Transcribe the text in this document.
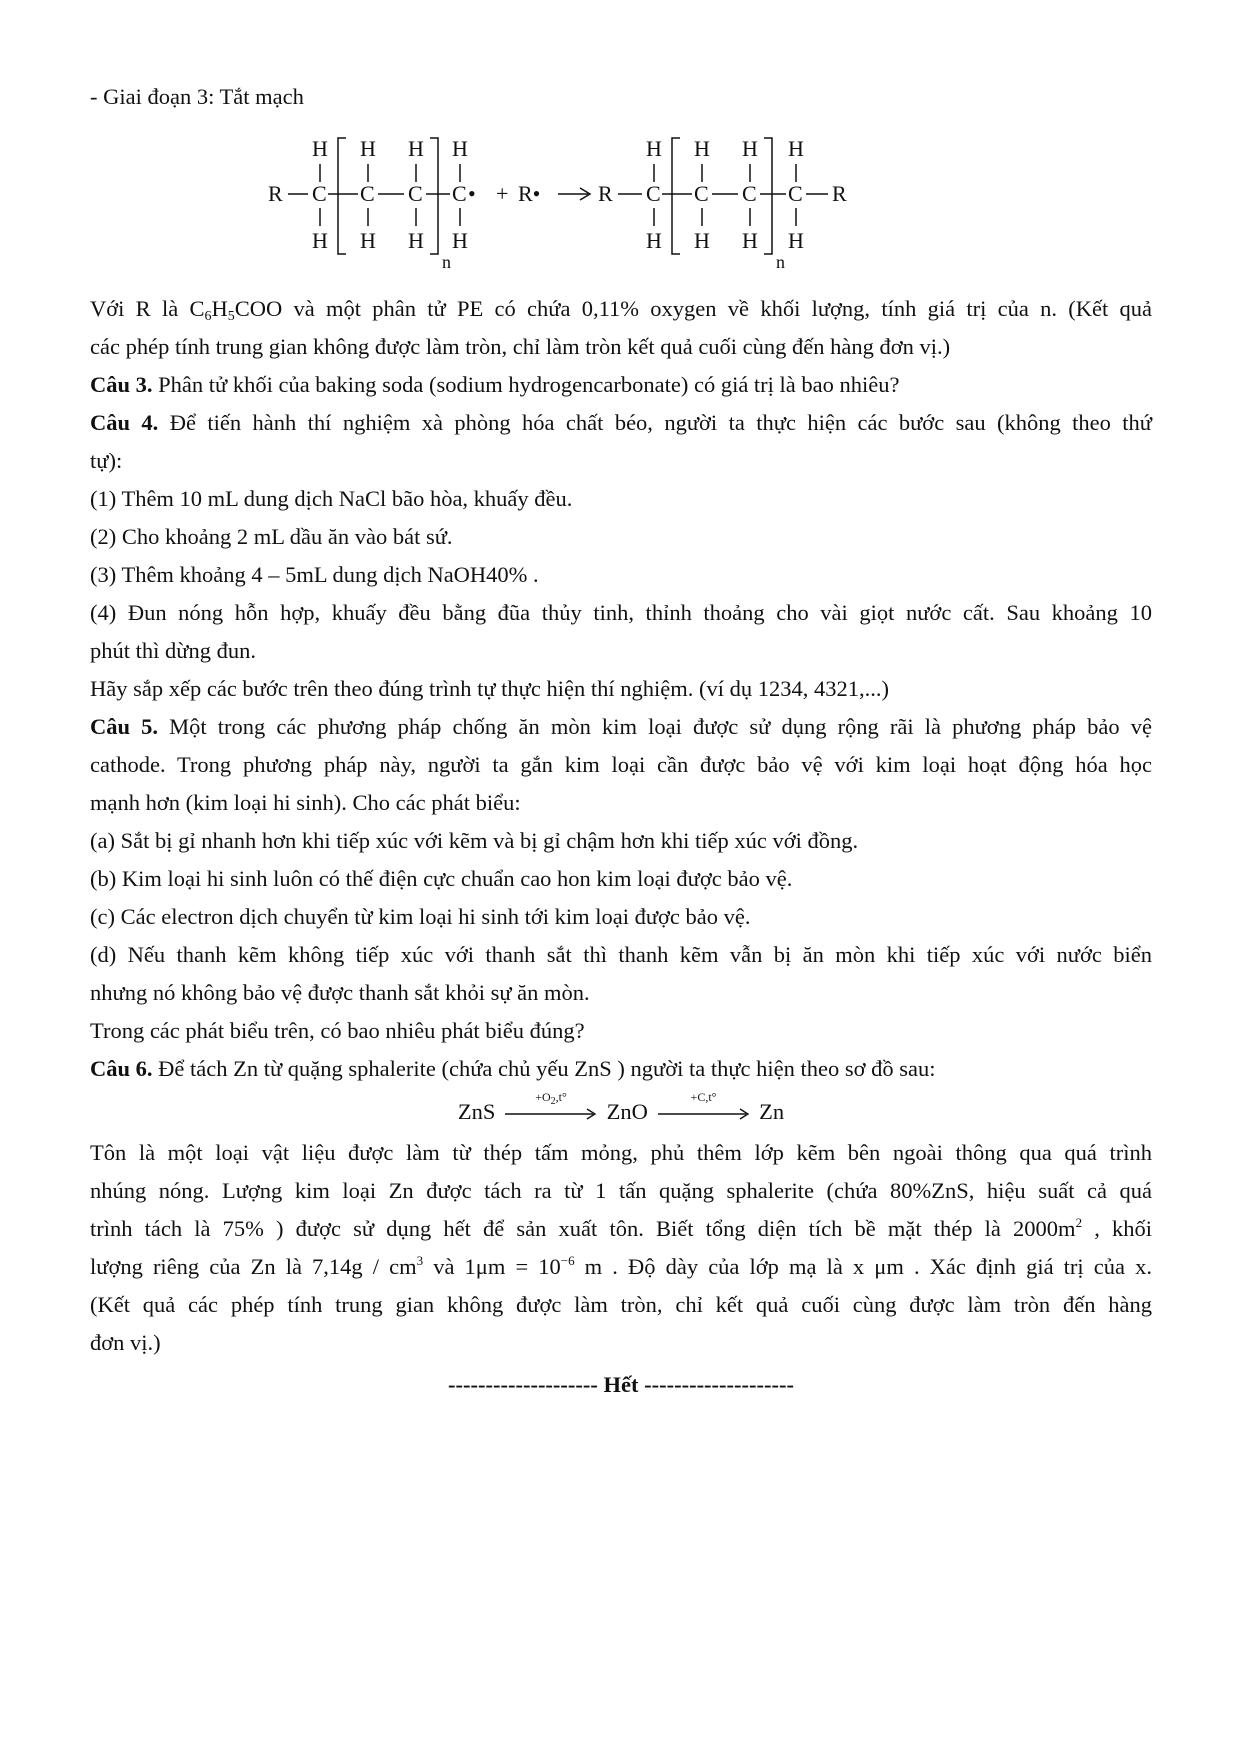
- Giai đoạn 3: Tắt mạch

R C
H
H
C
H
H
C
H
H
n
C
H
H
• + R•	R C
H
H
C
H
H
C
H
H
n
C
H
H
R

Với R là $C_6H_5COO$ và một phân tử PE có chứa 0,11% oxygen về khối lượng, tính giá trị của n. (Kết quả

các phép tính trung gian không được làm tròn, chỉ làm tròn kết quả cuối cùng đến hàng đơn vị.)

Câu 3. Phân tử khối của baking soda (sodium hydrogencarbonate) có giá trị là bao nhiêu?

Câu 4. Để tiến hành thí nghiệm xà phòng hóa chất béo, người ta thực hiện các bước sau (không theo thứ

tự):

(1) Thêm 10 mL dung dịch NaCl bão hòa, khuấy đều.

(2) Cho khoảng 2 mL dầu ăn vào bát sứ.

(3) Thêm khoảng 4 – 5mL dung dịch NaOH40% .

(4) Đun nóng hỗn hợp, khuấy đều bằng đũa thủy tinh, thỉnh thoảng cho vài giọt nước cất. Sau khoảng 10

phút thì dừng đun.

Hãy sắp xếp các bước trên theo đúng trình tự thực hiện thí nghiệm. (ví dụ 1234, 4321,...)

Câu 5. Một trong các phương pháp chống ăn mòn kim loại được sử dụng rộng rãi là phương pháp bảo vệ

cathode. Trong phương pháp này, người ta gắn kim loại cần được bảo vệ với kim loại hoạt động hóa học

mạnh hơn (kim loại hi sinh). Cho các phát biểu:

(a) Sắt bị gỉ nhanh hơn khi tiếp xúc với kẽm và bị gỉ chậm hơn khi tiếp xúc với đồng.

(b) Kim loại hi sinh luôn có thế điện cực chuẩn cao hon kim loại được bảo vệ.

(c) Các electron dịch chuyển từ kim loại hi sinh tới kim loại được bảo vệ.

(d) Nếu thanh kẽm không tiếp xúc với thanh sắt thì thanh kẽm vẫn bị ăn mòn khi tiếp xúc với nước biển

nhưng nó không bảo vệ được thanh sắt khỏi sự ăn mòn.

Trong các phát biểu trên, có bao nhiêu phát biểu đúng?

Câu 6. Để tách Zn từ quặng sphalerite (chứa chủ yếu ZnS ) người ta thực hiện theo sơ đồ sau:

ZnS
$+O_2,t^\circ$
ZnO
+C,t°
Zn

Tôn là một loại vật liệu được làm từ thép tấm mỏng, phủ thêm lớp kẽm bên ngoài thông qua quá trình

nhúng nóng. Lượng kim loại Zn được tách ra từ 1 tấn quặng sphalerite (chứa 80%ZnS, hiệu suất cả quá

trình tách là 75% ) được sử dụng hết để sản xuất tôn. Biết tổng diện tích bề mặt thép là $2000m^2$ , khối

lượng riêng của Zn là $7,14g / cm^3$ và $1\mu m = 10^{-6}$ m . Độ dày của lớp mạ là x μm . Xác định giá trị của x.

(Kết quả các phép tính trung gian không được làm tròn, chỉ kết quả cuối cùng được làm tròn đến hàng

đơn vị.)

-------------------- Hết --------------------
